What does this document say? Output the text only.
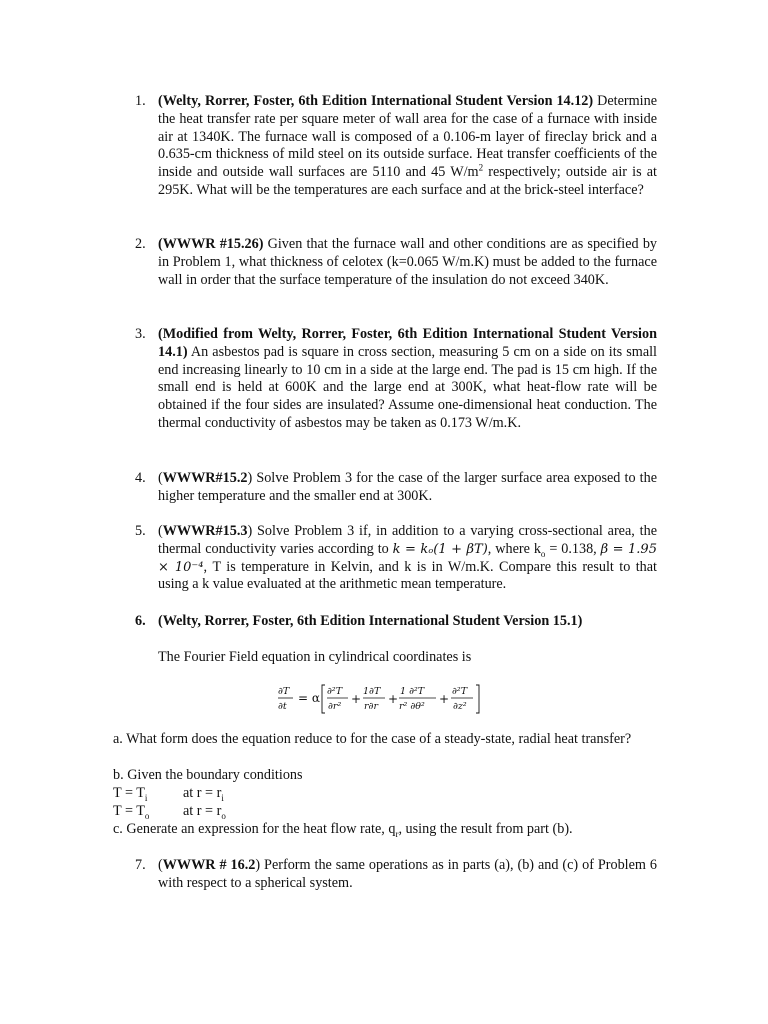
1. (Welty, Rorrer, Foster, 6th Edition International Student Version 14.12) Determine the heat transfer rate per square meter of wall area for the case of a furnace with inside air at 1340K. The furnace wall is composed of a 0.106-m layer of fireclay brick and a 0.635-cm thickness of mild steel on its outside surface. Heat transfer coefficients of the inside and outside wall surfaces are 5110 and 45 $W/m^2$ respectively; outside air is at 295K. What will be the temperatures are each surface and at the brick-steel interface?
2. (WWWR #15.26) Given that the furnace wall and other conditions are as specified by in Problem 1, what thickness of celotex (k=0.065 W/m.K) must be added to the furnace wall in order that the surface temperature of the insulation do not exceed 340K.
3. (Modified from Welty, Rorrer, Foster, 6th Edition International Student Version 14.1) An asbestos pad is square in cross section, measuring 5 cm on a side on its small end increasing linearly to 10 cm in a side at the large end. The pad is 15 cm high. If the small end is held at 600K and the large end at 300K, what heat-flow rate will be obtained if the four sides are insulated? Assume one-dimensional heat conduction. The thermal conductivity of asbestos may be taken as 0.173 W/m.K.
4. (WWWR#15.2) Solve Problem 3 for the case of the larger surface area exposed to the higher temperature and the smaller end at 300K.
5. (WWWR#15.3) Solve Problem 3 if, in addition to a varying cross-sectional area, the thermal conductivity varies according to k = kₒ(1 + βT), where $k_o = 0.138$, β = 1.95 × 10⁻⁴, T is temperature in Kelvin, and k is in W/m.K. Compare this result to that using a k value evaluated at the arithmetic mean temperature.
6. (Welty, Rorrer, Foster, 6th Edition International Student Version 15.1)
The Fourier Field equation in cylindrical coordinates is
∂T
∂t
= α ∂²T
∂r²
+
1∂T
r∂r
+
1 ∂²T
r² ∂θ²
+
∂²T
∂z²
a. What form does the equation reduce to for the case of a steady-state, radial heat transfer?
b. Given the boundary conditions
$T = T_i$	at $r = r_i$
$T = T_o$ at $r = r_o$
c. Generate an expression for the heat flow rate, $q_r$, using the result from part (b).
7. (WWWR # 16.2) Perform the same operations as in parts (a), (b) and (c) of Problem 6 with respect to a spherical system.
